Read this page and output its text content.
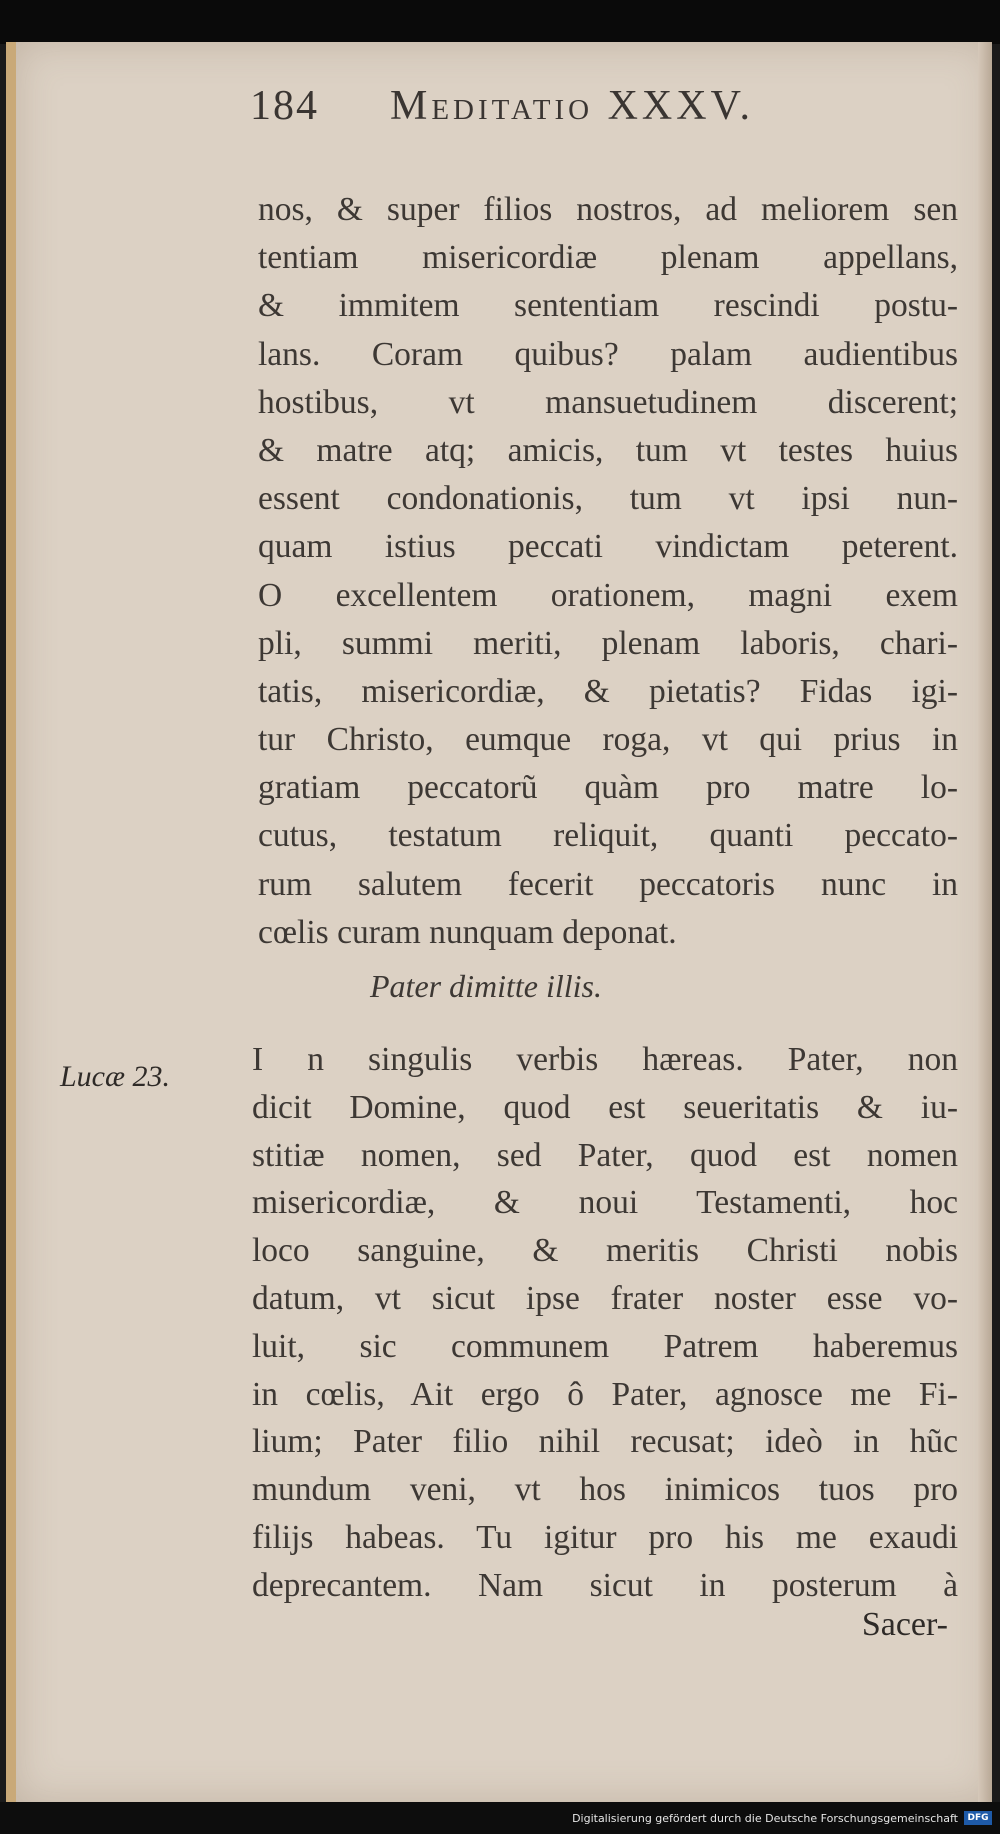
184 Meditatio XXXV.
nos, & super filios nostros, ad meliorem sen
tentiam misericordiæ plenam appellans,
& immitem sententiam rescindi postu-
lans. Coram quibus? palam audientibus
hostibus, vt mansuetudinem discerent;
& matre atq; amicis, tum vt testes huius
essent condonationis, tum vt ipsi nun-
quam istius peccati vindictam peterent.
O excellentem orationem, magni exem
pli, summi meriti, plenam laboris, chari-
tatis, misericordiæ, & pietatis? Fidas igi-
tur Christo, eumque roga, vt qui prius in
gratiam peccatorũ quàm pro matre lo-
cutus, testatum reliquit, quanti peccato-
rum salutem fecerit peccatoris nunc in
cœlis curam nunquam deponat.
Pater dimitte illis.
Lucæ 23. I n singulis verbis hæreas. Pater, non
dicit Domine, quod est seueritatis & iu-
stitiæ nomen, sed Pater, quod est nomen
misericordiæ, & noui Testamenti, hoc
loco sanguine, & meritis Christi nobis
datum, vt sicut ipse frater noster esse vo-
luit, sic communem Patrem haberemus
in cœlis, Ait ergo ô Pater, agnosce me Fi-
lium; Pater filio nihil recusat; ideò in hũc
mundum veni, vt hos inimicos tuos pro
filijs habeas. Tu igitur pro his me exaudi
deprecantem. Nam sicut in posterum à
Sacer-
Digitalisierung gefördert durch die Deutsche Forschungsgemeinschaft	DFG
